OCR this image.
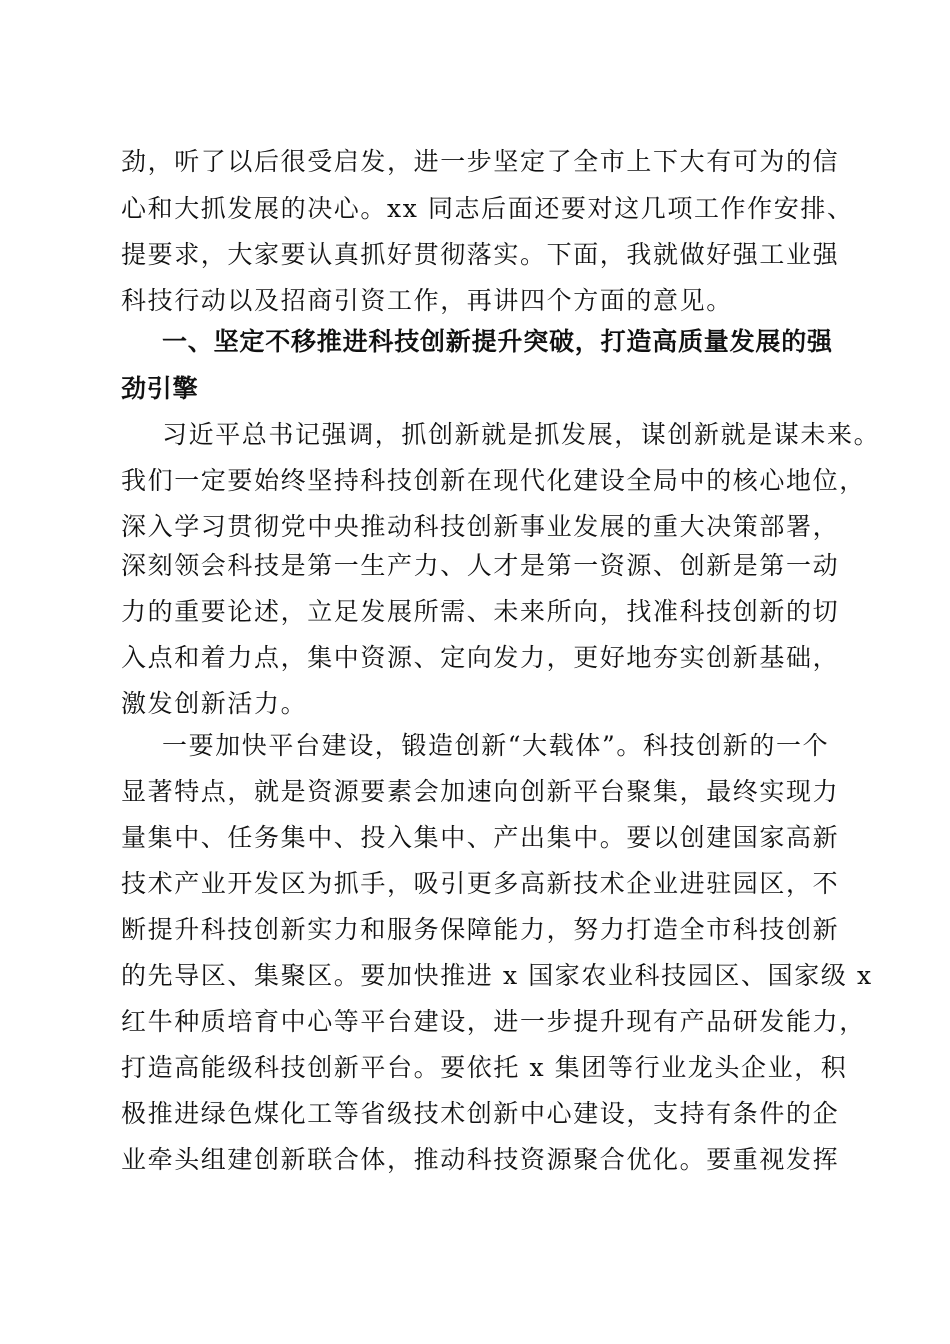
劲，听了以后很受启发，进一步坚定了全市上下大有可为的信
心和大抓发展的决心。xx 同志后面还要对这几项工作作安排、
提要求，大家要认真抓好贯彻落实。下面，我就做好强工业强
科技行动以及招商引资工作，再讲四个方面的意见。
一、坚定不移推进科技创新提升突破，打造高质量发展的强
劲引擎
习近平总书记强调，抓创新就是抓发展，谋创新就是谋未来。
我们一定要始终坚持科技创新在现代化建设全局中的核心地位，
深入学习贯彻党中央推动科技创新事业发展的重大决策部署，
深刻领会科技是第一生产力、人才是第一资源、创新是第一动
力的重要论述，立足发展所需、未来所向，找准科技创新的切
入点和着力点，集中资源、定向发力，更好地夯实创新基础，
激发创新活力。
一要加快平台建设，锻造创新“大载体”。科技创新的一个
显著特点，就是资源要素会加速向创新平台聚集，最终实现力
量集中、任务集中、投入集中、产出集中。要以创建国家高新
技术产业开发区为抓手，吸引更多高新技术企业进驻园区，不
断提升科技创新实力和服务保障能力，努力打造全市科技创新
的先导区、集聚区。要加快推进 x 国家农业科技园区、国家级 x
红牛种质培育中心等平台建设，进一步提升现有产品研发能力，
打造高能级科技创新平台。要依托 x 集团等行业龙头企业，积
极推进绿色煤化工等省级技术创新中心建设，支持有条件的企
业牵头组建创新联合体，推动科技资源聚合优化。要重视发挥
